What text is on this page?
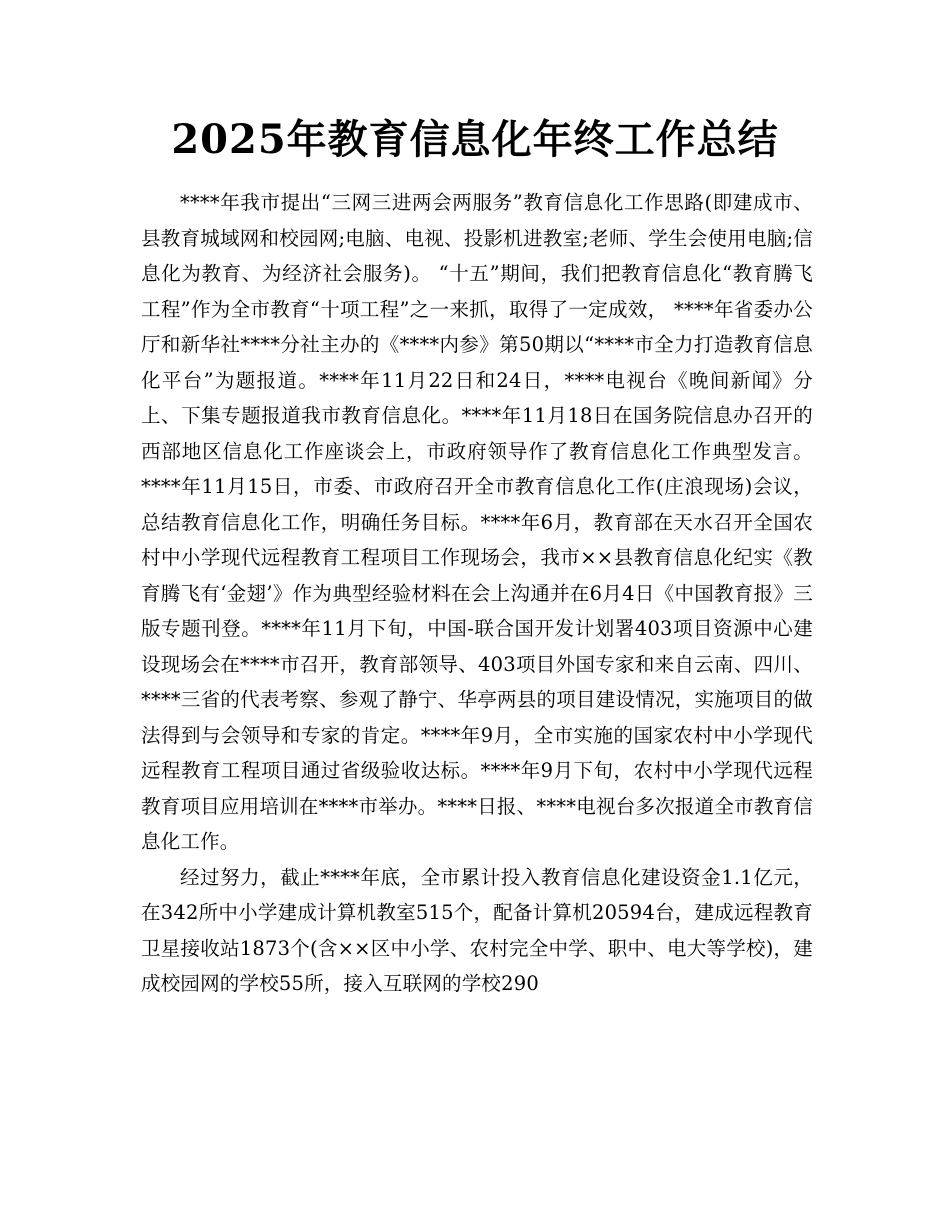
2025年教育信息化年终工作总结

****年我市提出“三网三进两会两服务”教育信息化工作思路(即建成市、县教育城域网和校园网;电脑、电视、投影机进教室;老师、学生会使用电脑;信息化为教育、为经济社会服务)。 “十五”期间，我们把教育信息化“教育腾飞工程”作为全市教育“十项工程”之一来抓，取得了一定成效， ****年省委办公厅和新华社****分社主办的《****内参》第50期以“****市全力打造教育信息化平台”为题报道。****年11月22日和24日，****电视台《晚间新闻》分上、下集专题报道我市教育信息化。****年11月18日在国务院信息办召开的西部地区信息化工作座谈会上，市政府领导作了教育信息化工作典型发言。****年11月15日，市委、市政府召开全市教育信息化工作(庄浪现场)会议，总结教育信息化工作，明确任务目标。****年6月，教育部在天水召开全国农村中小学现代远程教育工程项目工作现场会，我市××县教育信息化纪实《教育腾飞有‘金翅’》作为典型经验材料在会上沟通并在6月4日《中国教育报》三版专题刊登。****年11月下旬，中国-联合国开发计划署403项目资源中心建设现场会在****市召开，教育部领导、403项目外国专家和来自云南、四川、****三省的代表考察、参观了静宁、华亭两县的项目建设情况，实施项目的做法得到与会领导和专家的肯定。****年9月，全市实施的国家农村中小学现代远程教育工程项目通过省级验收达标。****年9月下旬，农村中小学现代远程教育项目应用培训在****市举办。****日报、****电视台多次报道全市教育信息化工作。

经过努力，截止****年底，全市累计投入教育信息化建设资金1.1亿元，在342所中小学建成计算机教室515个，配备计算机20594台，建成远程教育卫星接收站1873个(含××区中小学、农村完全中学、职中、电大等学校)，建成校园网的学校55所，接入互联网的学校290
